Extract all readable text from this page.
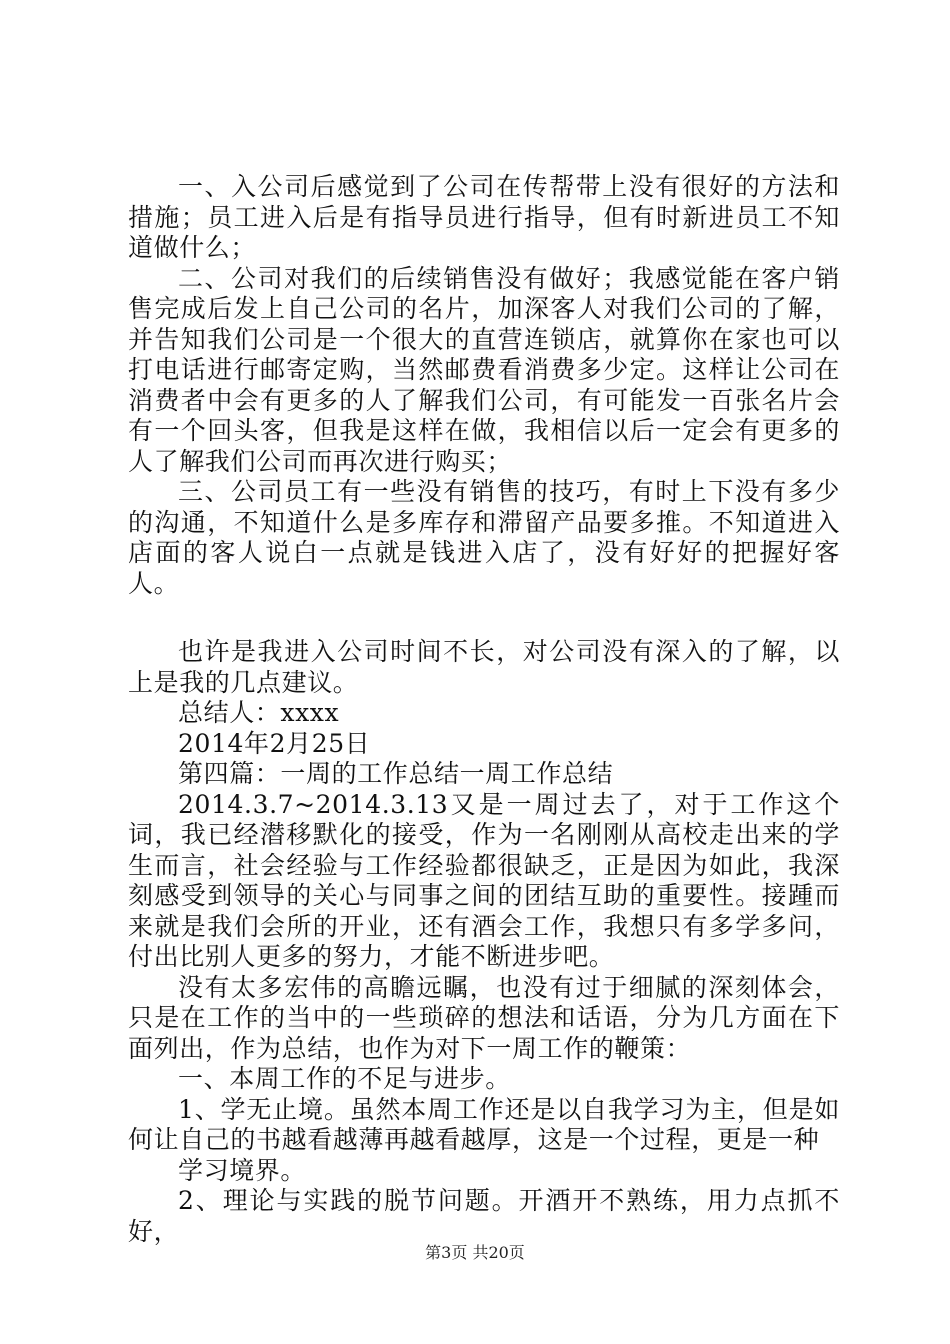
一、入公司后感觉到了公司在传帮带上没有很好的方法和措施；员工进入后是有指导员进行指导，但有时新进员工不知道做什么；

二、公司对我们的后续销售没有做好；我感觉能在客户销售完成后发上自己公司的名片，加深客人对我们公司的了解，并告知我们公司是一个很大的直营连锁店，就算你在家也可以打电话进行邮寄定购，当然邮费看消费多少定。这样让公司在消费者中会有更多的人了解我们公司，有可能发一百张名片会有一个回头客，但我是这样在做，我相信以后一定会有更多的人了解我们公司而再次进行购买；

三、公司员工有一些没有销售的技巧，有时上下没有多少的沟通，不知道什么是多库存和滞留产品要多推。不知道进入店面的客人说白一点就是钱进入店了，没有好好的把握好客人。

也许是我进入公司时间不长，对公司没有深入的了解，以上是我的几点建议。

总结人：xxxx

2014年2月25日

第四篇：一周的工作总结一周工作总结

2014.3.7~2014.3.13又是一周过去了，对于工作这个词，我已经潜移默化的接受，作为一名刚刚从高校走出来的学生而言，社会经验与工作经验都很缺乏，正是因为如此，我深刻感受到领导的关心与同事之间的团结互助的重要性。接踵而来就是我们会所的开业，还有酒会工作，我想只有多学多问，付出比别人更多的努力，才能不断进步吧。

没有太多宏伟的高瞻远瞩，也没有过于细腻的深刻体会，只是在工作的当中的一些琐碎的想法和话语，分为几方面在下面列出，作为总结，也作为对下一周工作的鞭策：

一、本周工作的不足与进步。

1、学无止境。虽然本周工作还是以自我学习为主，但是如何让自己的书越看越薄再越看越厚，这是一个过程，更是一种

学习境界。

2、理论与实践的脱节问题。开酒开不熟练，用力点抓不好，

第3页 共20页
